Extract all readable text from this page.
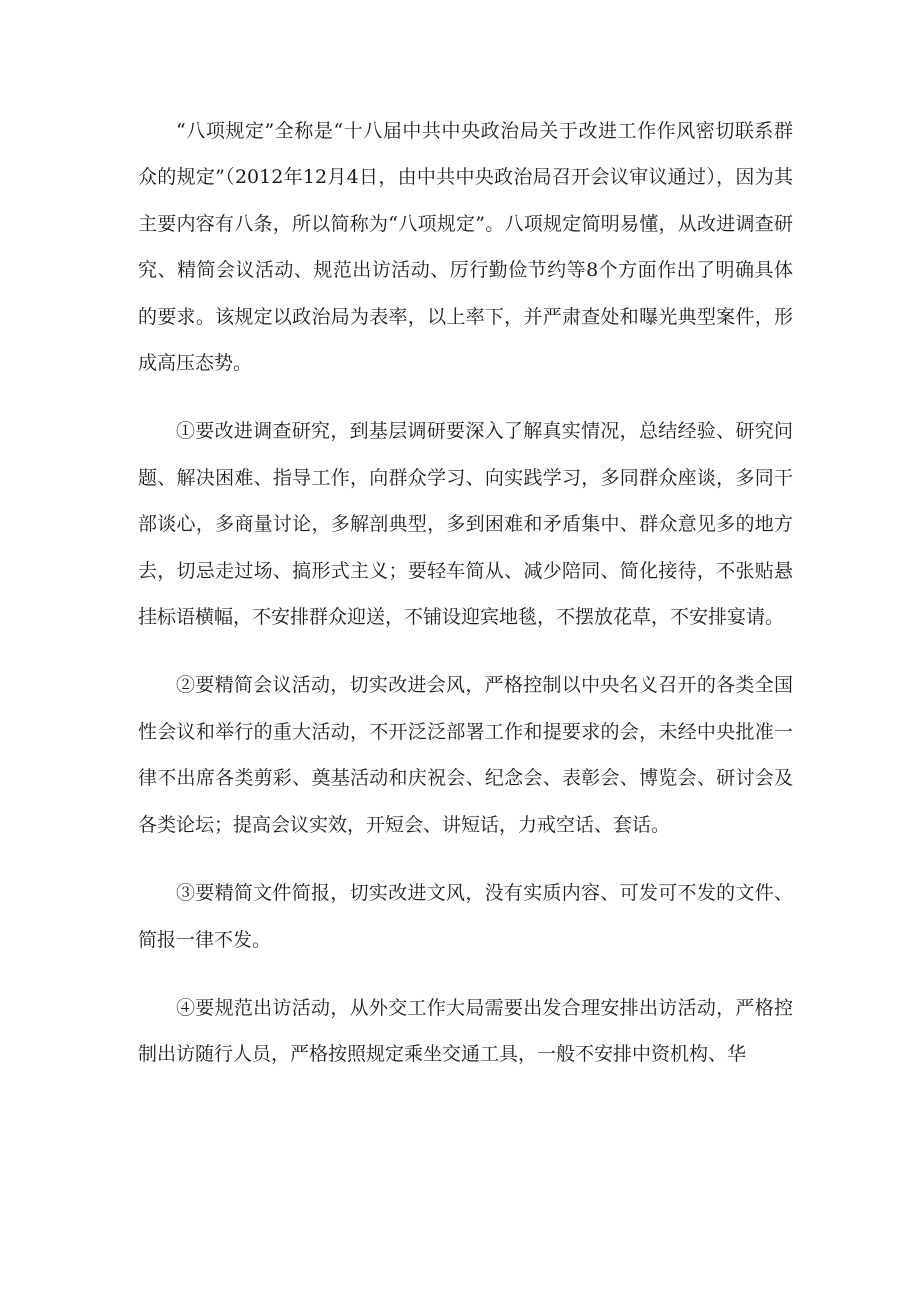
“八项规定”全称是“十八届中共中央政治局关于改进工作作风密切联系群众的规定”（2012年12月4日，由中共中央政治局召开会议审议通过），因为其主要内容有八条，所以简称为“八项规定”。八项规定简明易懂，从改进调查研究、精简会议活动、规范出访活动、厉行勤俭节约等8个方面作出了明确具体的要求。该规定以政治局为表率，以上率下，并严肃查处和曝光典型案件，形成高压态势。

①要改进调查研究，到基层调研要深入了解真实情况，总结经验、研究问题、解决困难、指导工作，向群众学习、向实践学习，多同群众座谈，多同干部谈心，多商量讨论，多解剖典型，多到困难和矛盾集中、群众意见多的地方去，切忌走过场、搞形式主义；要轻车简从、减少陪同、简化接待，不张贴悬挂标语横幅，不安排群众迎送，不铺设迎宾地毯，不摆放花草，不安排宴请。

②要精简会议活动，切实改进会风，严格控制以中央名义召开的各类全国性会议和举行的重大活动，不开泛泛部署工作和提要求的会，未经中央批准一律不出席各类剪彩、奠基活动和庆祝会、纪念会、表彰会、博览会、研讨会及各类论坛；提高会议实效，开短会、讲短话，力戒空话、套话。

③要精简文件简报，切实改进文风，没有实质内容、可发可不发的文件、简报一律不发。

④要规范出访活动，从外交工作大局需要出发合理安排出访活动，严格控制出访随行人员，严格按照规定乘坐交通工具，一般不安排中资机构、华
